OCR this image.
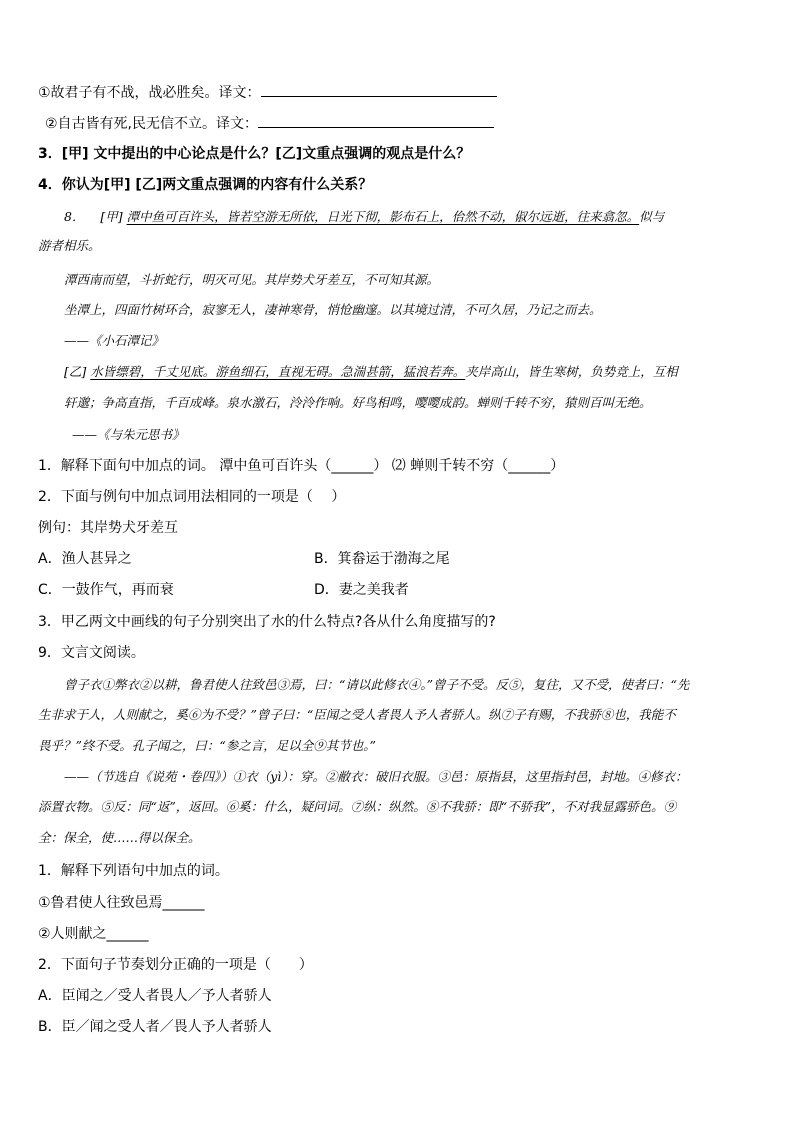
①故君子有不战，战必胜矣。译文：
②自古皆有死,民无信不立。译文：
3．[甲] 文中提出的中心论点是什么？[乙]文重点强调的观点是什么？
4．你认为[甲] [乙]两文重点强调的内容有什么关系？
8． [甲] 潭中鱼可百许头，皆若空游无所依，日光下彻，影布石上，佁然不动，俶尔远逝，往来翕忽。似与
游者相乐。
潭西南而望，斗折蛇行，明灭可见。其岸势犬牙差互，不可知其源。
坐潭上，四面竹树环合，寂寥无人，凄神寒骨，悄怆幽邃。以其境过清，不可久居，乃记之而去。
——《小石潭记》
[乙] 水皆缥碧，千丈见底。游鱼细石，直视无碍。急湍甚箭，猛浪若奔。夹岸高山，皆生寒树，负势竞上，互相
轩邈；争高直指，千百成峰。泉水激石，泠泠作响。好鸟相鸣，嘤嘤成韵。蝉则千转不穷，猿则百叫无绝。
——《与朱元思书》
1．解释下面句中加点的词。 潭中鱼可百许头（______） ⑵ 蝉则千转不穷（______）
2．下面与例句中加点词用法相同的一项是（　 ）
例句：其岸势犬牙差互
A．渔人甚异之	B．箕畚运于渤海之尾
C．一鼓作气，再而衰	D．妻之美我者
3．甲乙两文中画线的句子分别突出了水的什么特点?各从什么角度描写的?
9．文言文阅读。
曾子衣①弊衣②以耕，鲁君使人往致邑③焉，曰：“请以此修衣④。”曾子不受。反⑤，复往，又不受，使者曰：“先
生非求于人，人则献之，奚⑥为不受？”曾子曰：“臣闻之受人者畏人予人者骄人。纵⑦子有赐，不我骄⑧也，我能不
畏乎？”终不受。孔子闻之，曰：“参之言，足以全⑨其节也。”
——（节选自《说苑・卷四》）①衣（yì）：穿。②敝衣：破旧衣服。③邑：原指县，这里指封邑，封地。④修衣：
添置衣物。⑤反：同“返”，返回。⑥奚：什么，疑问词。⑦纵：纵然。⑧不我骄：即“不骄我”，不对我显露骄色。⑨
全：保全，使……得以保全。
1．解释下列语句中加点的词。
①鲁君使人往致邑焉______
②人则献之______
2．下面句子节奏划分正确的一项是（　　）
A．臣闻之／受人者畏人／予人者骄人
B．臣／闻之受人者／畏人予人者骄人
